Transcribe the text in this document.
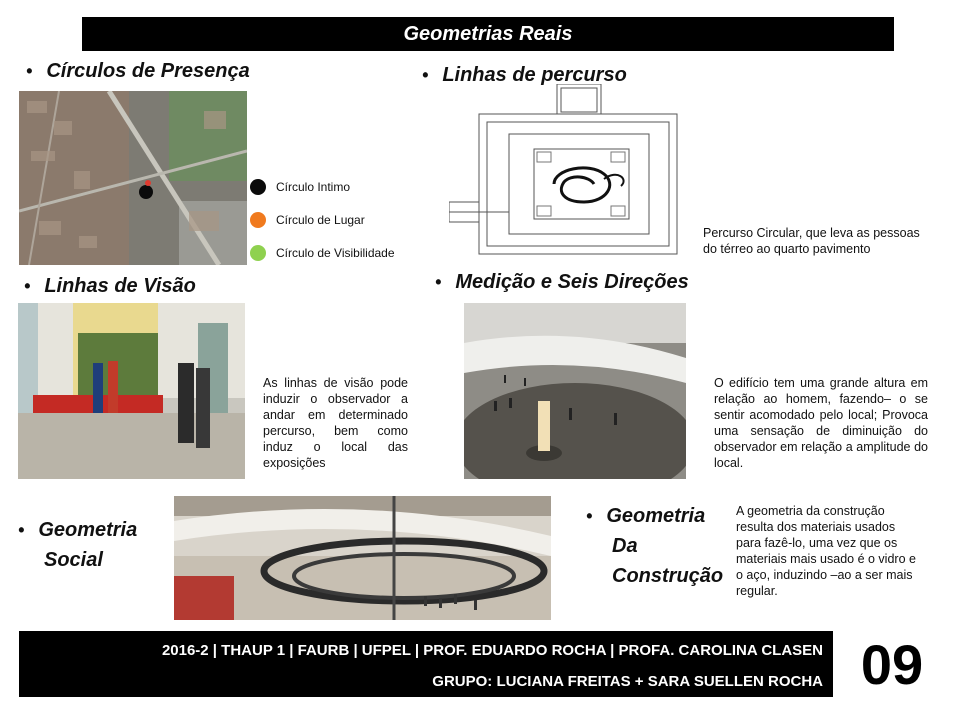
Geometrias Reais
• Círculos de Presença
Círculo Intimo
Círculo de Lugar
Círculo de Visibilidade
• Linhas de percurso
Percurso Circular, que leva as pessoas do térreo ao quarto pavimento
• Linhas de Visão
As linhas de visão pode induzir o observador a andar em determinado percurso, bem como induz o local das exposições
• Medição e Seis Direções
O edifício tem uma grande altura em relação ao homem, fazendo– o se sentir acomodado pelo local; Provoca uma sensação de diminuição do observador em relação a amplitude do local.
• Geometria
Social
• Geometria
Da
Construção
A geometria da construção resulta dos materiais usados para fazê-lo, uma vez que os materiais mais usado é o vidro e o aço, induzindo –ao a ser mais regular.
2016-2 | THAUP 1 | FAURB | UFPEL | PROF. EDUARDO ROCHA | PROFA. CAROLINA CLASEN
GRUPO: LUCIANA FREITAS + SARA SUELLEN ROCHA 09
